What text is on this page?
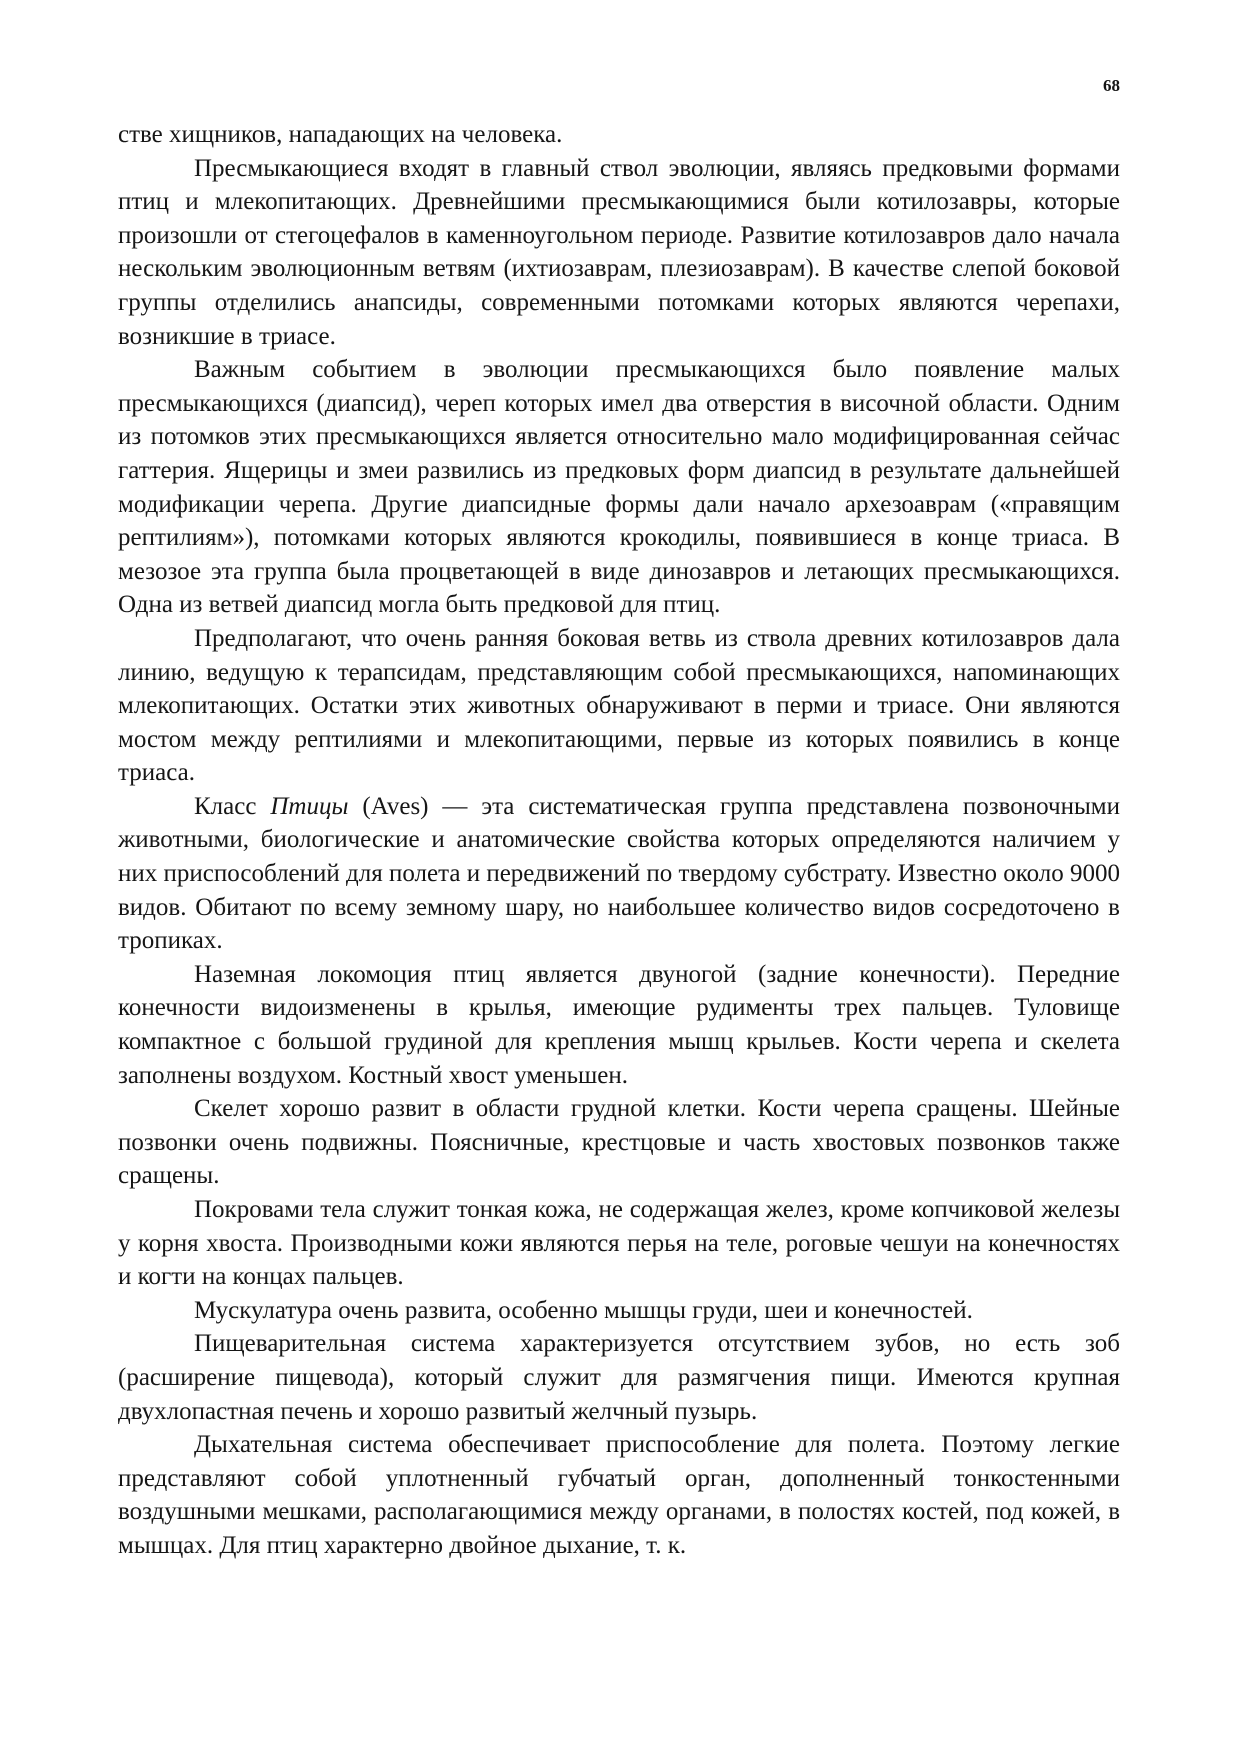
68

стве хищников, нападающих на человека.

Пресмыкающиеся входят в главный ствол эволюции, являясь предковыми формами птиц и млекопитающих. Древнейшими пресмыкающимися были котилозавры, которые произошли от стегоцефалов в каменноугольном периоде. Развитие котилозавров дало начала нескольким эволюционным ветвям (ихтиозаврам, плезиозаврам). В качестве слепой боковой группы отделились анапсиды, современными потомками которых являются черепахи, возникшие в триасе.

Важным событием в эволюции пресмыкающихся было появление малых пресмыкающихся (диапсид), череп которых имел два отверстия в височной области. Одним из потомков этих пресмыкающихся является относительно мало модифицированная сейчас гаттерия. Ящерицы и змеи развились из предковых форм диапсид в результате дальнейшей модификации черепа. Другие диапсидные формы дали начало архезоаврам («правящим рептилиям»), потомками которых являются крокодилы, появившиеся в конце триаса. В мезозое эта группа была процветающей в виде динозавров и летающих пресмыкающихся. Одна из ветвей диапсид могла быть предковой для птиц.

Предполагают, что очень ранняя боковая ветвь из ствола древних котилозавров дала линию, ведущую к терапсидам, представляющим собой пресмыкающихся, напоминающих млекопитающих. Остатки этих животных обнаруживают в перми и триасе. Они являются мостом между рептилиями и млекопитающими, первые из которых появились в конце триаса.

Класс Птицы (Aves) — эта систематическая группа представлена позвоночными животными, биологические и анатомические свойства которых определяются наличием у них приспособлений для полета и передвижений по твердому субстрату. Известно около 9000 видов. Обитают по всему земному шару, но наибольшее количество видов сосредоточено в тропиках.

Наземная локомоция птиц является двуногой (задние конечности). Передние конечности видоизменены в крылья, имеющие рудименты трех пальцев. Туловище компактное с большой грудиной для крепления мышц крыльев. Кости черепа и скелета заполнены воздухом. Костный хвост уменьшен.

Скелет хорошо развит в области грудной клетки. Кости черепа сращены. Шейные позвонки очень подвижны. Поясничные, крестцовые и часть хвостовых позвонков также сращены.

Покровами тела служит тонкая кожа, не содержащая желез, кроме копчиковой железы у корня хвоста. Производными кожи являются перья на теле, роговые чешуи на конечностях и когти на концах пальцев.

Мускулатура очень развита, особенно мышцы груди, шеи и конечностей.

Пищеварительная система характеризуется отсутствием зубов, но есть зоб (расширение пищевода), который служит для размягчения пищи. Имеются крупная двухлопастная печень и хорошо развитый желчный пузырь.

Дыхательная система обеспечивает приспособление для полета. Поэтому легкие представляют собой уплотненный губчатый орган, дополненный тонкостенными воздушными мешками, располагающимися между органами, в полостях костей, под кожей, в мышцах. Для птиц характерно двойное дыхание, т. к.
